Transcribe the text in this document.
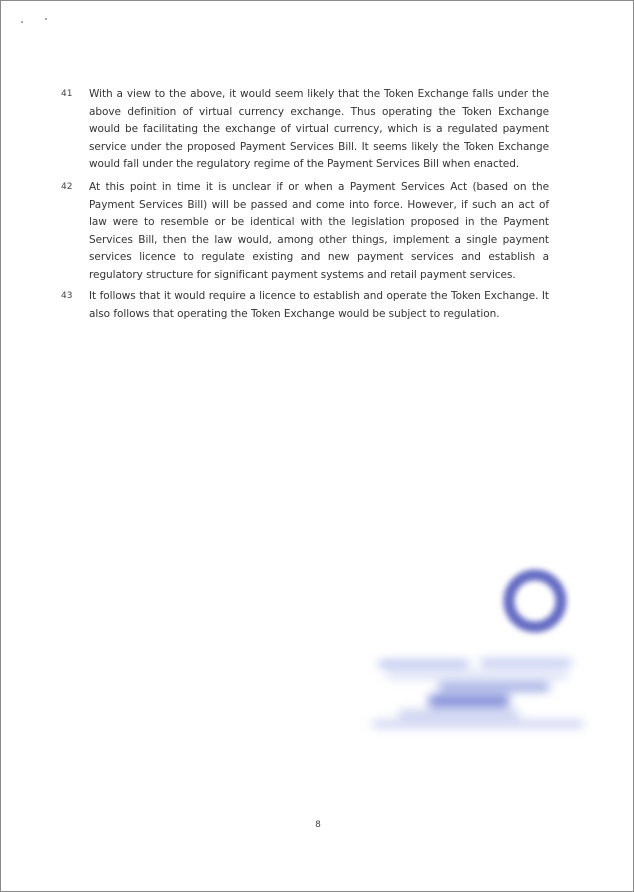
41	With a view to the above, it would seem likely that the Token Exchange falls under the above definition of virtual currency exchange. Thus operating the Token Exchange would be facilitating the exchange of virtual currency, which is a regulated payment service under the proposed Payment Services Bill. It seems likely the Token Exchange would fall under the regulatory regime of the Payment Services Bill when enacted.
42	At this point in time it is unclear if or when a Payment Services Act (based on the Payment Services Bill) will be passed and come into force. However, if such an act of law were to resemble or be identical with the legislation proposed in the Payment Services Bill, then the law would, among other things, implement a single payment services licence to regulate existing and new payment services and establish a regulatory structure for significant payment systems and retail payment services.
43	It follows that it would require a licence to establish and operate the Token Exchange. It also follows that operating the Token Exchange would be subject to regulation.
8
